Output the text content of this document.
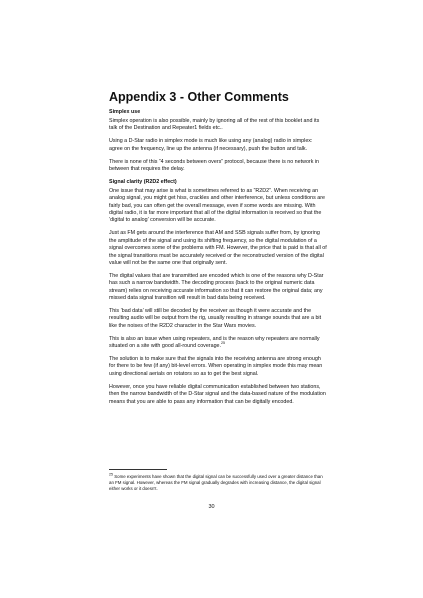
Appendix 3 - Other Comments
Simplex use

Simplex operation is also possible, mainly by ignoring all of the rest of this booklet and its talk of the Destination and Repeater1 fields etc..

Using a D-Star radio in simplex mode is much like using any (analog) radio in simplex: agree on the frequency, line up the antenna (if necessary), push the button and talk.

There is none of this “4 seconds between overs” protocol, because there is no network in between that requires the delay.

Signal clarity (R2D2 effect)

One issue that may arise is what is sometimes referred to as “R2D2”. When receiving an analog signal, you might get hiss, crackles and other interference, but unless conditions are fairly bad, you can often get the overall message, even if some words are missing. With digital radio, it is far more important that all of the digital information is received so that the ‘digital to analog’ conversion will be accurate.

Just as FM gets around the interference that AM and SSB signals suffer from, by ignoring the amplitude of the signal and using its shifting frequency, so the digital modulation of a signal overcomes some of the problems with FM. However, the price that is paid is that all of the signal transitions must be accurately received or the reconstructed version of the digital value will not be the same one that originally sent.

The digital values that are transmitted are encoded which is one of the reasons why D-Star has such a narrow bandwidth. The decoding process (back to the original numeric data stream) relies on receiving accurate information so that it can restore the original data; any missed data signal transition will result in bad data being received.

This ‘bad data’ will still be decoded by the receiver as though it were accurate and the resulting audio will be output from the rig, usually resulting in strange sounds that are a bit like the noises of the R2D2 character in the Star Wars movies.

This is also an issue when using repeaters, and is the reason why repeaters are normally situated on a site with good all-round coverage.$^{25}$

The solution is to make sure that the signals into the receiving antenna are strong enough for there to be few (if any) bit-level errors. When operating in simplex mode this may mean using directional aerials on rotators so as to get the best signal.

However, once you have reliable digital communication established between two stations, then the narrow bandwidth of the D-Star signal and the data-based nature of the modulation means that you are able to pass any information that can be digitally encoded.

$^{25}$ Some experiments have shown that the digital signal can be successfully used over a greater distance than an FM signal. However, whereas the FM signal gradually degrades with increasing distance, the digital signal either works or it doesn't.

30
